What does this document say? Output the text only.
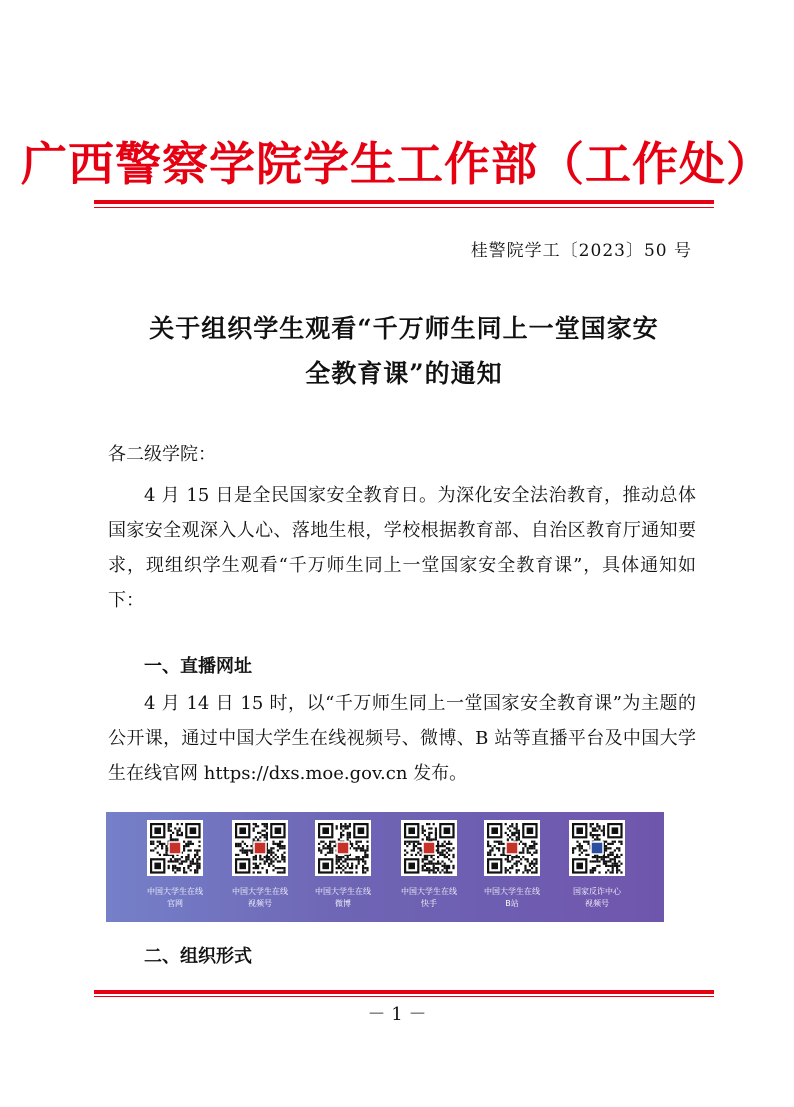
广西警察学院学生工作部（工作处）
桂警院学工〔2023〕50 号
关于组织学生观看“千万师生同上一堂国家安
全教育课”的通知
各二级学院：
4 月 15 日是全民国家安全教育日。为深化安全法治教育，推动总体国家安全观深入人心、落地生根，学校根据教育部、自治区教育厅通知要求，现组织学生观看“千万师生同上一堂国家安全教育课”，具体通知如下：
一、直播网址
4 月 14 日 15 时，以“千万师生同上一堂国家安全教育课”为主题的公开课，通过中国大学生在线视频号、微博、B 站等直播平台及中国大学生在线官网 https://dxs.moe.gov.cn 发布。
中国大学生在线
官网
中国大学生在线
视频号
中国大学生在线
微博
中国大学生在线
快手
中国大学生在线
B站
国家反诈中心
视频号
二、组织形式
－ 1 －
